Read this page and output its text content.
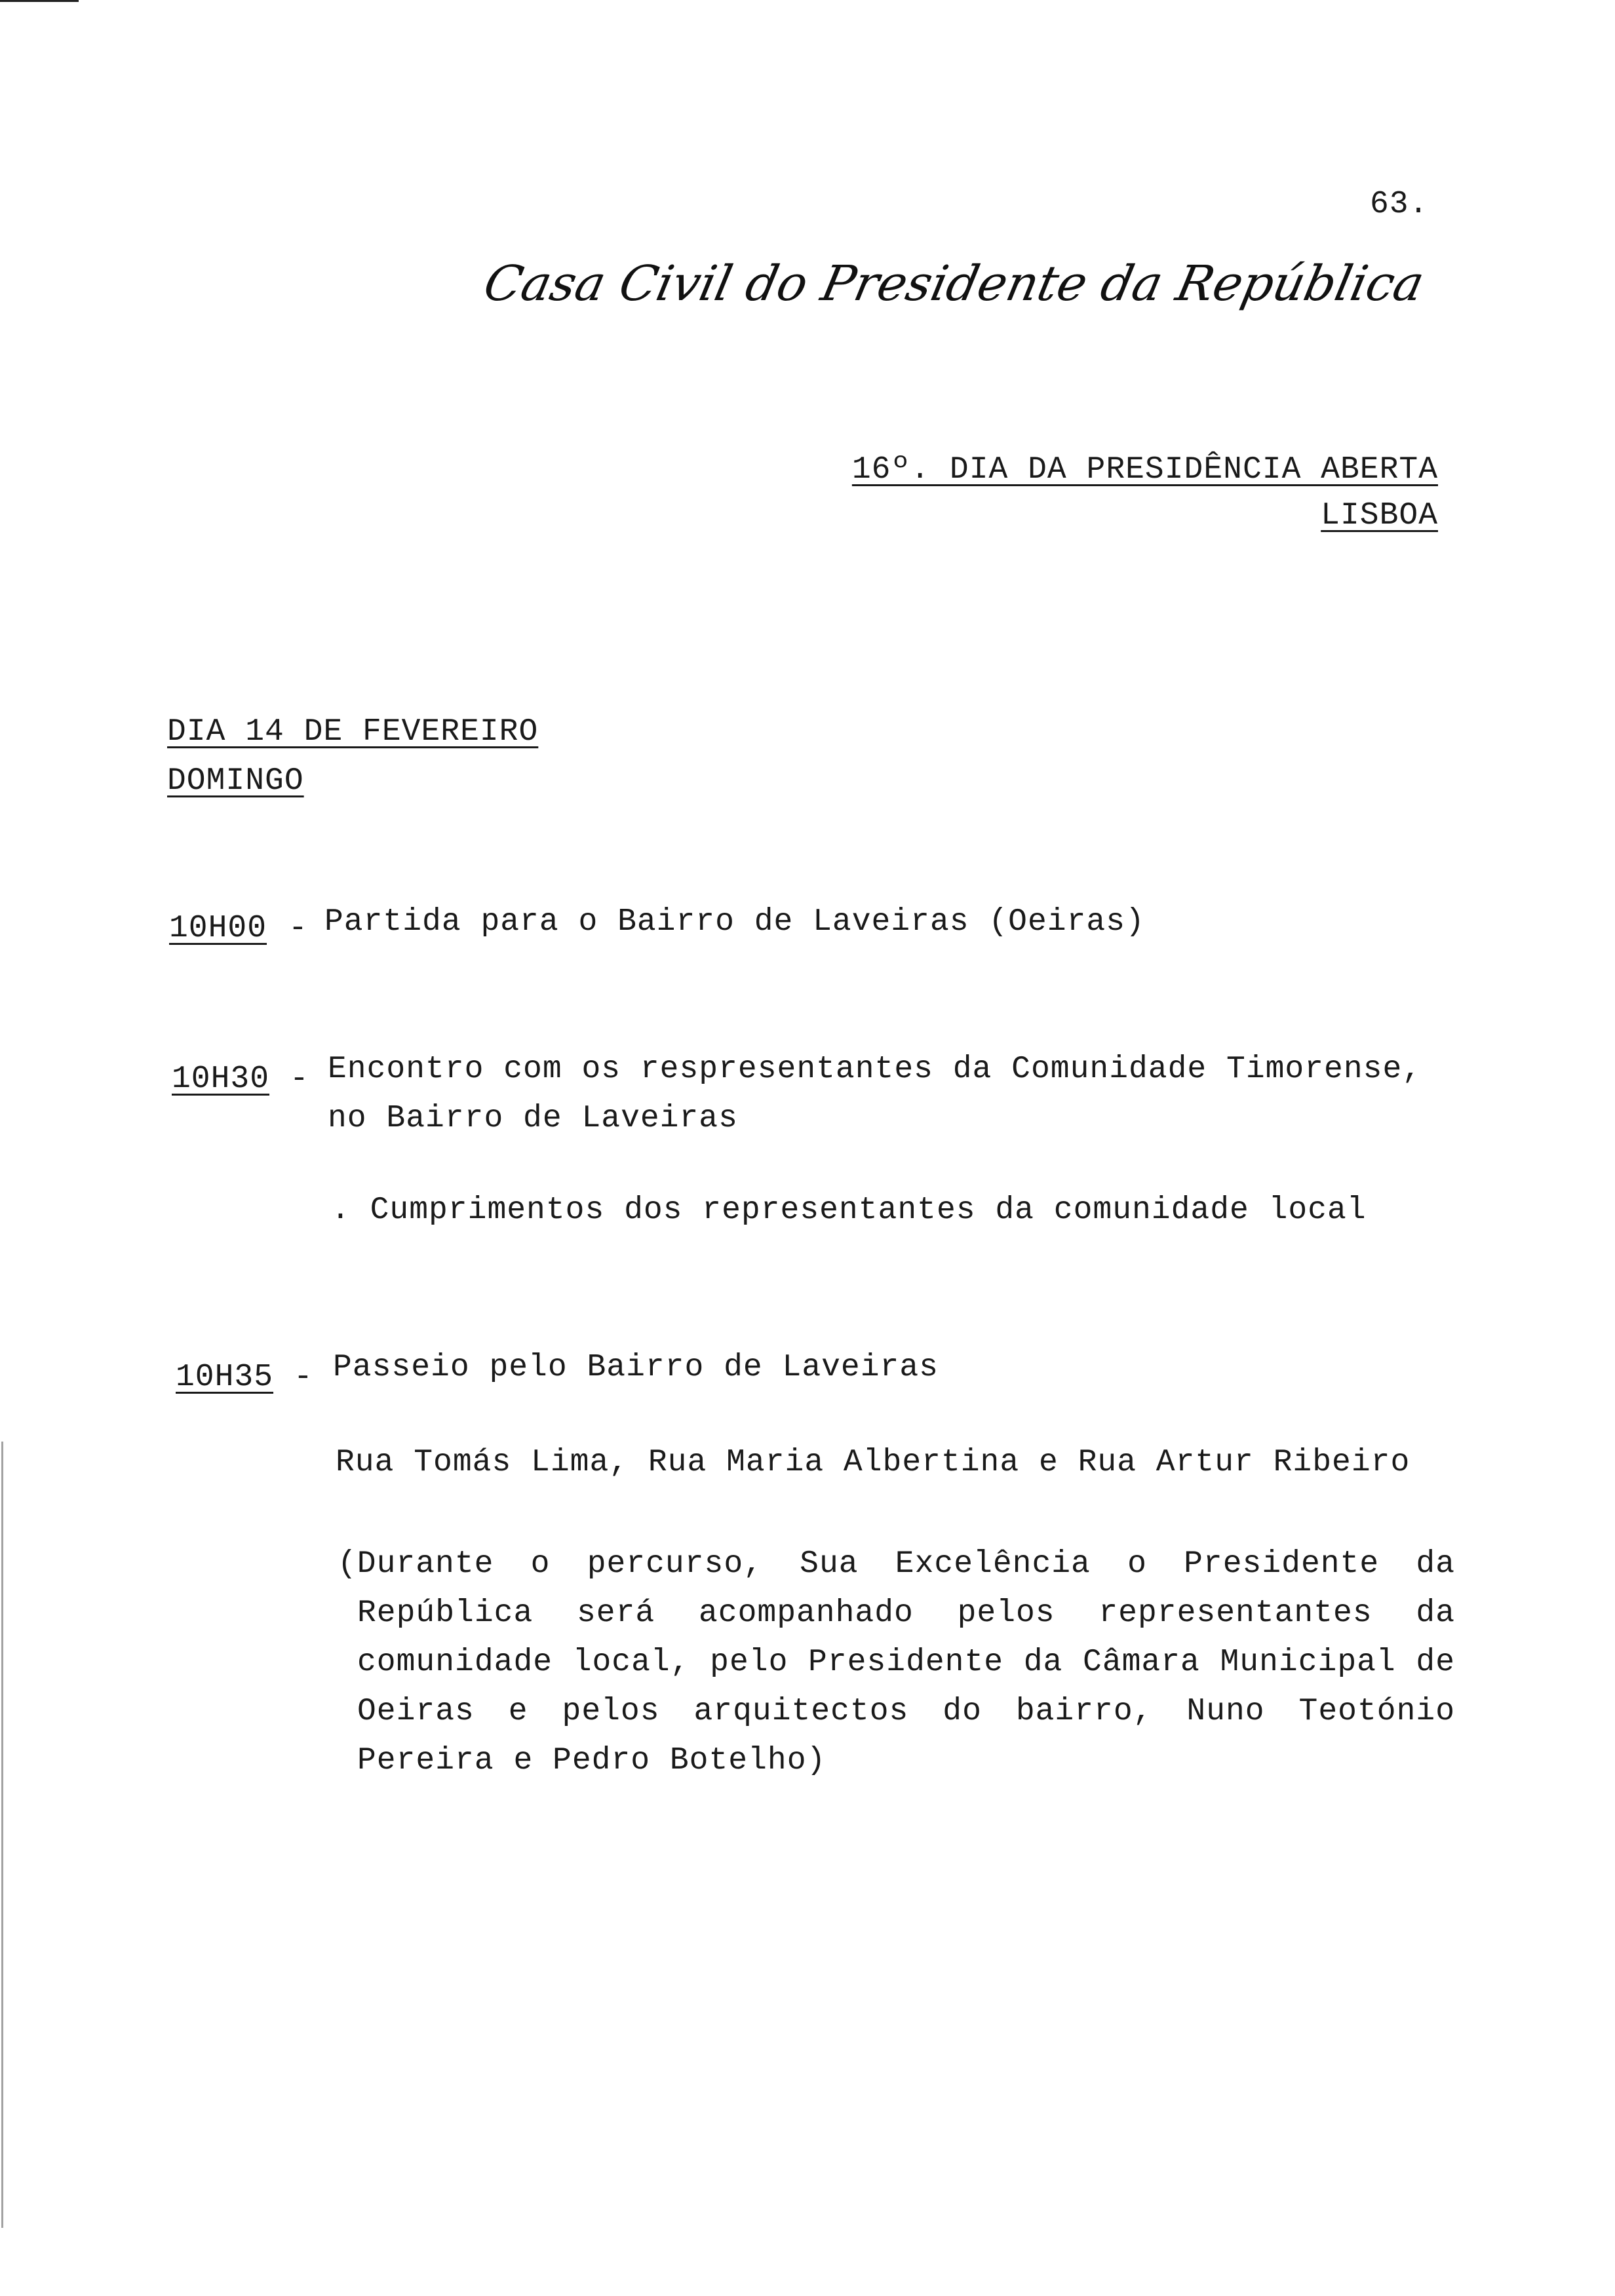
63.
Casa Civil do Presidente da República
16º. DIA DA PRESIDÊNCIA ABERTA
LISBOA
DIA 14 DE FEVEREIRO
DOMINGO
10H00 - Partida para o Bairro de Laveiras (Oeiras)
10H30 - Encontro com os respresentantes da Comunidade Timorense,
no Bairro de Laveiras
. Cumprimentos dos representantes da comunidade local
10H35 - Passeio pelo Bairro de Laveiras
Rua Tomás Lima, Rua Maria Albertina e Rua Artur Ribeiro
(Durante o percurso, Sua Excelência o Presidente da
República será acompanhado pelos representantes da
comunidade local, pelo Presidente da Câmara Municipal de
Oeiras e pelos arquitectos do bairro, Nuno Teotónio
Pereira e Pedro Botelho)
